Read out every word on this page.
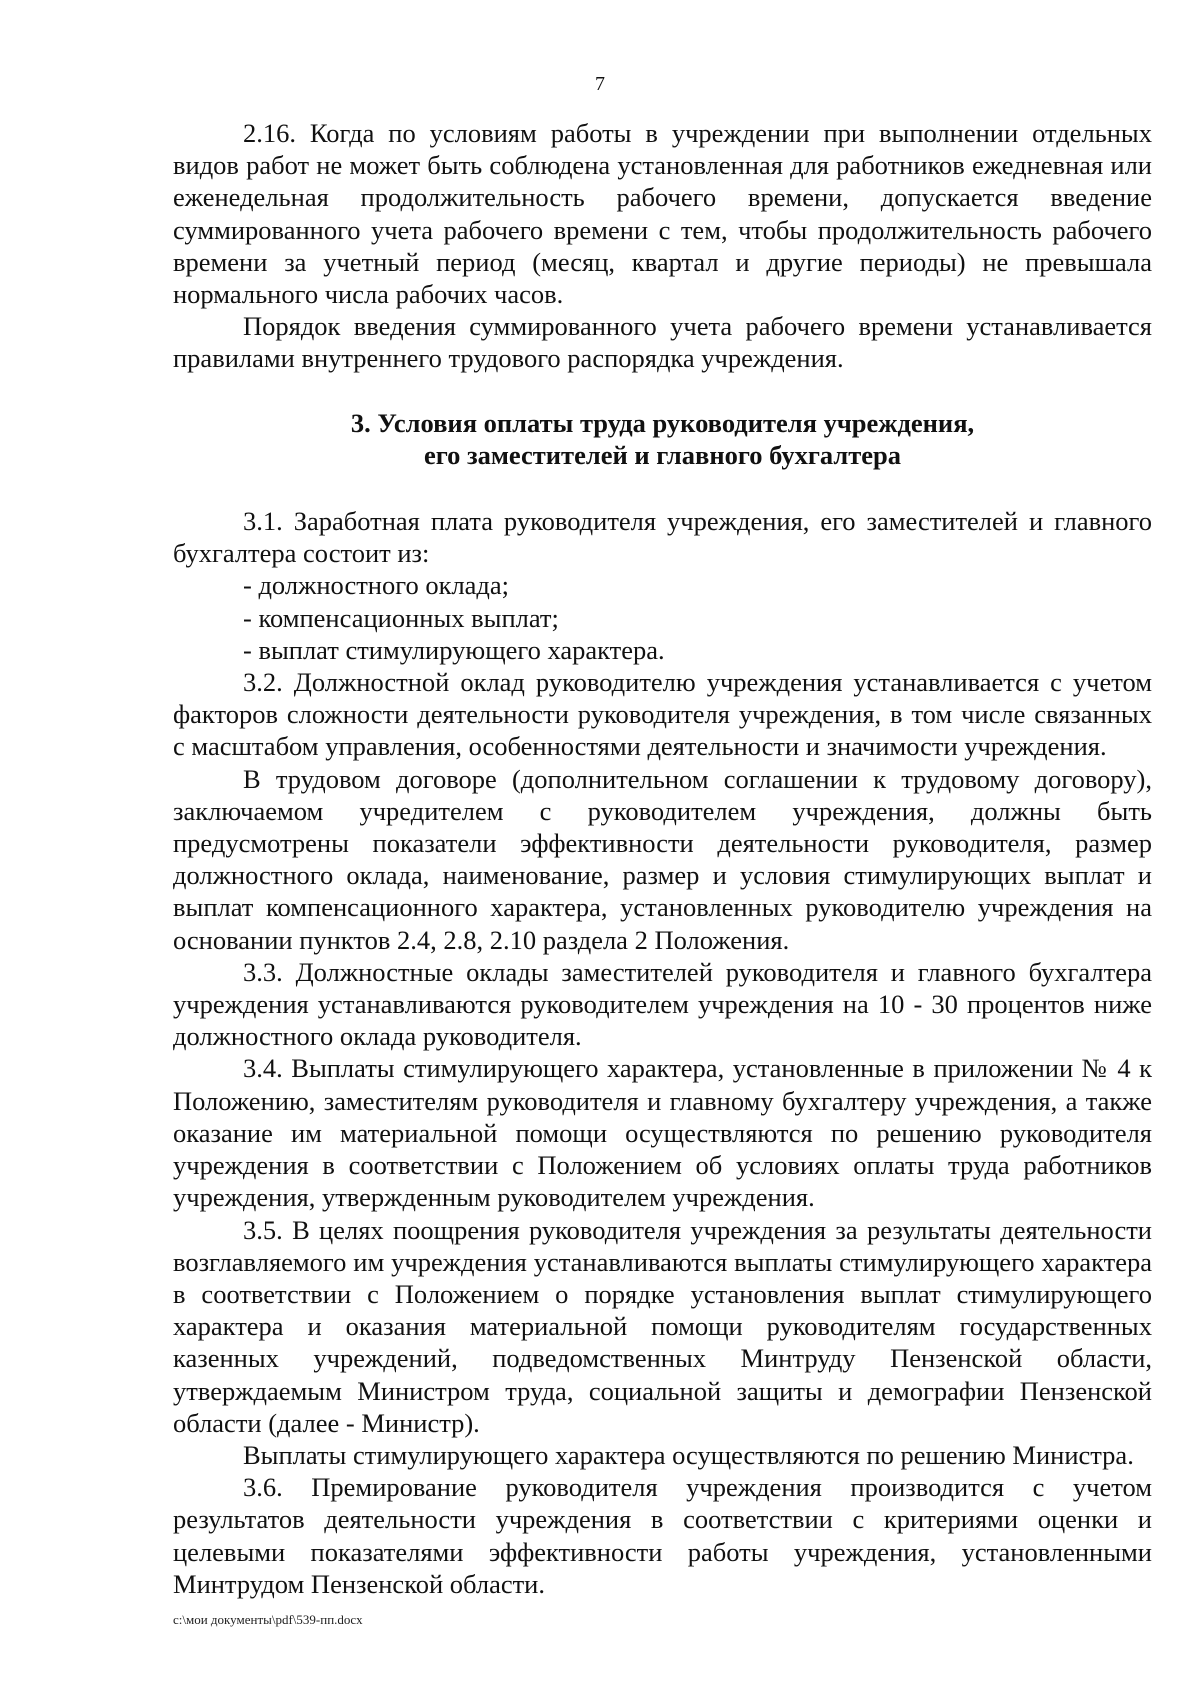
7

2.16. Когда по условиям работы в учреждении при выполнении отдельных видов работ не может быть соблюдена установленная для работников ежедневная или еженедельная продолжительность рабочего времени, допускается введение суммированного учета рабочего времени с тем, чтобы продолжительность рабочего времени за учетный период (месяц, квартал и другие периоды) не превышала нормального числа рабочих часов.

Порядок введения суммированного учета рабочего времени устанавливается правилами внутреннего трудового распорядка учреждения.

3. Условия оплаты труда руководителя учреждения,
его заместителей и главного бухгалтера

3.1. Заработная плата руководителя учреждения, его заместителей и главного бухгалтера состоит из:

- должностного оклада;
- компенсационных выплат;
- выплат стимулирующего характера.

3.2. Должностной оклад руководителю учреждения устанавливается с учетом факторов сложности деятельности руководителя учреждения, в том числе связанных с масштабом управления, особенностями деятельности и значимости учреждения.

В трудовом договоре (дополнительном соглашении к трудовому договору), заключаемом учредителем с руководителем учреждения, должны быть предусмотрены показатели эффективности деятельности руководителя, размер должностного оклада, наименование, размер и условия стимулирующих выплат и выплат компенсационного характера, установленных руководителю учреждения на основании пунктов 2.4, 2.8, 2.10 раздела 2 Положения.

3.3. Должностные оклады заместителей руководителя и главного бухгалтера учреждения устанавливаются руководителем учреждения на 10 - 30 процентов ниже должностного оклада руководителя.

3.4. Выплаты стимулирующего характера, установленные в приложении № 4 к Положению, заместителям руководителя и главному бухгалтеру учреждения, а также оказание им материальной помощи осуществляются по решению руководителя учреждения в соответствии с Положением об условиях оплаты труда работников учреждения, утвержденным руководителем учреждения.

3.5. В целях поощрения руководителя учреждения за результаты деятельности возглавляемого им учреждения устанавливаются выплаты стимулирующего характера в соответствии с Положением о порядке установления выплат стимулирующего характера и оказания материальной помощи руководителям государственных казенных учреждений, подведомственных Минтруду Пензенской области, утверждаемым Министром труда, социальной защиты и демографии Пензенской области (далее - Министр).

Выплаты стимулирующего характера осуществляются по решению Министра.

3.6. Премирование руководителя учреждения производится с учетом результатов деятельности учреждения в соответствии с критериями оценки и целевыми показателями эффективности работы учреждения, установленными Минтрудом Пензенской области.

c:\мои документы\pdf\539-пп.docx
